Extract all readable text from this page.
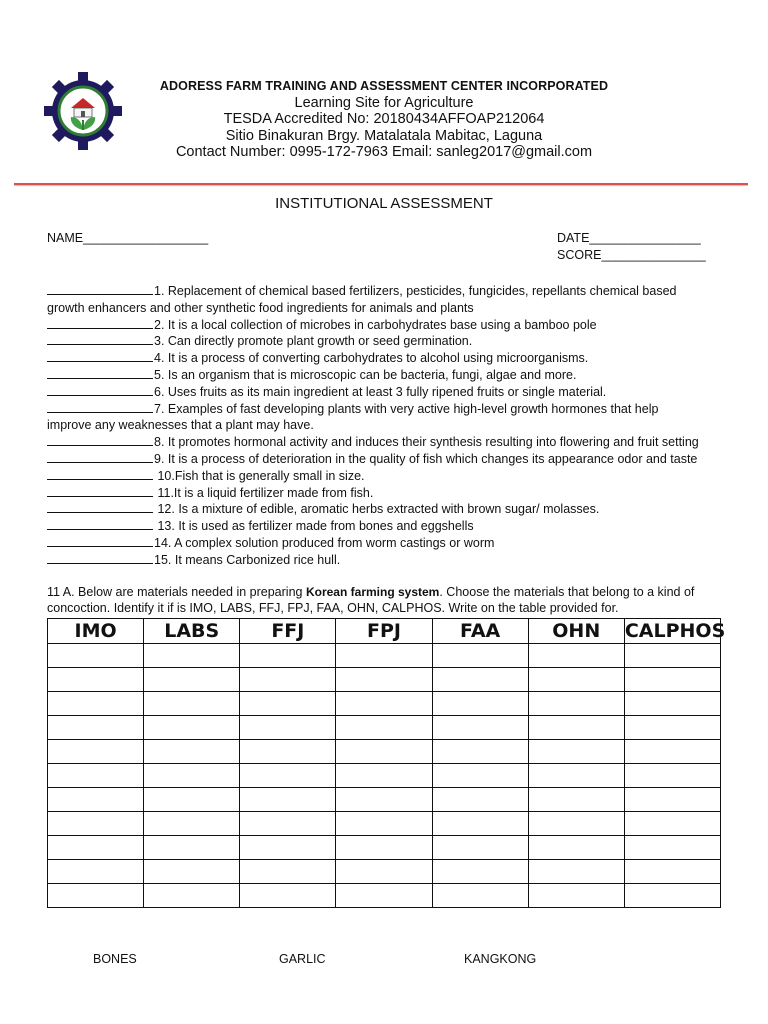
ADORESS FARM TRAINING AND ASSESSMENT CENTER INCORPORATED
Learning Site for Agriculture
TESDA Accredited No: 20180434AFFOAP212064
Sitio Binakuran Brgy. Matalatala Mabitac, Laguna
Contact Number: 0995-172-7963 Email: sanleg2017@gmail.com
INSTITUTIONAL ASSESSMENT
NAME__________________	DATE________________
SCORE_______________
1. Replacement of chemical based fertilizers, pesticides, fungicides, repellants chemical based
growth enhancers and other synthetic food ingredients for animals and plants
2. It is a local collection of microbes in carbohydrates base using a bamboo pole
3. Can directly promote plant growth or seed germination.
4. It is a process of converting carbohydrates to alcohol using microorganisms.
5. Is an organism that is microscopic can be bacteria, fungi, algae and more.
6. Uses fruits as its main ingredient at least 3 fully ripened fruits or single material.
7. Examples of fast developing plants with very active high-level growth hormones that help
improve any weaknesses that a plant may have.
8. It promotes hormonal activity and induces their synthesis resulting into flowering and fruit setting
9. It is a process of deterioration in the quality of fish which changes its appearance odor and taste
10.Fish that is generally small in size.
11.It is a liquid fertilizer made from fish.
12. Is a mixture of edible, aromatic herbs extracted with brown sugar/ molasses.
13. It is used as fertilizer made from bones and eggshells
14. A complex solution produced from worm castings or worm
15. It means Carbonized rice hull.
11 A. Below are materials needed in preparing Korean farming system. Choose the materials that belong to a kind of concoction. Identify it if is IMO, LABS, FFJ, FPJ, FAA, OHN, CALPHOS. Write on the table provided for.
IMO	LABS	FFJ	FPJ	FAA	OHN	CALPHOS

BONES	GARLIC	KANGKONG
